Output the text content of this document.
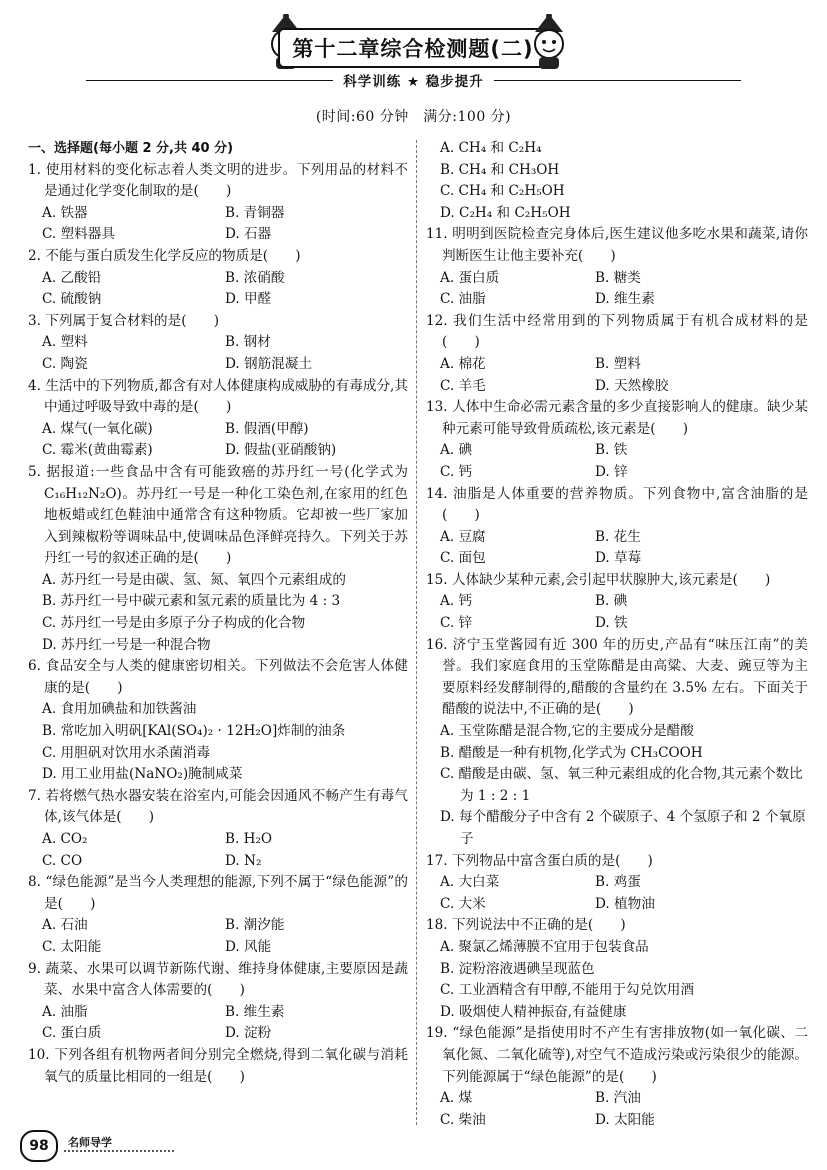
第十二章综合检测题(二)
科学训练 ★ 稳步提升
(时间:60 分钟　满分:100 分)
一、选择题(每小题 2 分,共 40 分)
1. 使用材料的变化标志着人类文明的进步。下列用品的材料不是通过化学变化制取的是(　　)
A. 铁器	B. 青铜器
C. 塑料器具	D. 石器
2. 不能与蛋白质发生化学反应的物质是(　　)
A. 乙酸铅	B. 浓硝酸
C. 硫酸钠	D. 甲醛
3. 下列属于复合材料的是(　　)
A. 塑料	B. 钢材
C. 陶瓷	D. 钢筋混凝土
4. 生活中的下列物质,都含有对人体健康构成威胁的有毒成分,其中通过呼吸导致中毒的是(　　)
A. 煤气(一氧化碳)	B. 假酒(甲醇)
C. 霉米(黄曲霉素)	D. 假盐(亚硝酸钠)
5. 据报道:一些食品中含有可能致癌的苏丹红一号(化学式为C₁₆H₁₂N₂O)。苏丹红一号是一种化工染色剂,在家用的红色地板蜡或红色鞋油中通常含有这种物质。它却被一些厂家加入到辣椒粉等调味品中,使调味品色泽鲜亮持久。下列关于苏丹红一号的叙述正确的是(　　)
A. 苏丹红一号是由碳、氢、氮、氧四个元素组成的
B. 苏丹红一号中碳元素和氢元素的质量比为 4 : 3
C. 苏丹红一号是由多原子分子构成的化合物
D. 苏丹红一号是一种混合物
6. 食品安全与人类的健康密切相关。下列做法不会危害人体健康的是(　　)
A. 食用加碘盐和加铁酱油
B. 常吃加入明矾[KAl(SO₄)₂ · 12H₂O]炸制的油条
C. 用胆矾对饮用水杀菌消毒
D. 用工业用盐(NaNO₂)腌制咸菜
7. 若将燃气热水器安装在浴室内,可能会因通风不畅产生有毒气体,该气体是(　　)
A. CO₂	B. H₂O
C. CO	D. N₂
8. “绿色能源”是当今人类理想的能源,下列不属于“绿色能源”的是(　　)
A. 石油	B. 潮汐能
C. 太阳能	D. 风能
9. 蔬菜、水果可以调节新陈代谢、维持身体健康,主要原因是蔬菜、水果中富含人体需要的(　　)
A. 油脂	B. 维生素
C. 蛋白质	D. 淀粉
10. 下列各组有机物两者间分别完全燃烧,得到二氧化碳与消耗氧气的质量比相同的一组是(　　)
A. CH₄ 和 C₂H₄
B. CH₄ 和 CH₃OH
C. CH₄ 和 C₂H₅OH
D. C₂H₄ 和 C₂H₅OH
11. 明明到医院检查完身体后,医生建议他多吃水果和蔬菜,请你判断医生让他主要补充(　　)
A. 蛋白质	B. 糖类
C. 油脂	D. 维生素
12. 我们生活中经常用到的下列物质属于有机合成材料的是(　　)
A. 棉花	B. 塑料
C. 羊毛	D. 天然橡胶
13. 人体中生命必需元素含量的多少直接影响人的健康。缺少某种元素可能导致骨质疏松,该元素是(　　)
A. 碘	B. 铁
C. 钙	D. 锌
14. 油脂是人体重要的营养物质。下列食物中,富含油脂的是(　　)
A. 豆腐	B. 花生
C. 面包	D. 草莓
15. 人体缺少某种元素,会引起甲状腺肿大,该元素是(　　)
A. 钙	B. 碘
C. 锌	D. 铁
16. 济宁玉堂酱园有近 300 年的历史,产品有“味压江南”的美誉。我们家庭食用的玉堂陈醋是由高粱、大麦、豌豆等为主要原料经发酵制得的,醋酸的含量约在 3.5% 左右。下面关于醋酸的说法中,不正确的是(　　)
A. 玉堂陈醋是混合物,它的主要成分是醋酸
B. 醋酸是一种有机物,化学式为 CH₃COOH
C. 醋酸是由碳、氢、氧三种元素组成的化合物,其元素个数比为 1 : 2 : 1
D. 每个醋酸分子中含有 2 个碳原子、4 个氢原子和 2 个氧原子
17. 下列物品中富含蛋白质的是(　　)
A. 大白菜	B. 鸡蛋
C. 大米	D. 植物油
18. 下列说法中不正确的是(　　)
A. 聚氯乙烯薄膜不宜用于包装食品
B. 淀粉溶液遇碘呈现蓝色
C. 工业酒精含有甲醇,不能用于勾兑饮用酒
D. 吸烟使人精神振奋,有益健康
19. “绿色能源”是指使用时不产生有害排放物(如一氧化碳、二氧化氮、二氧化硫等),对空气不造成污染或污染很少的能源。下列能源属于“绿色能源”的是(　　)
A. 煤	B. 汽油
C. 柴油	D. 太阳能
98	名师导学
